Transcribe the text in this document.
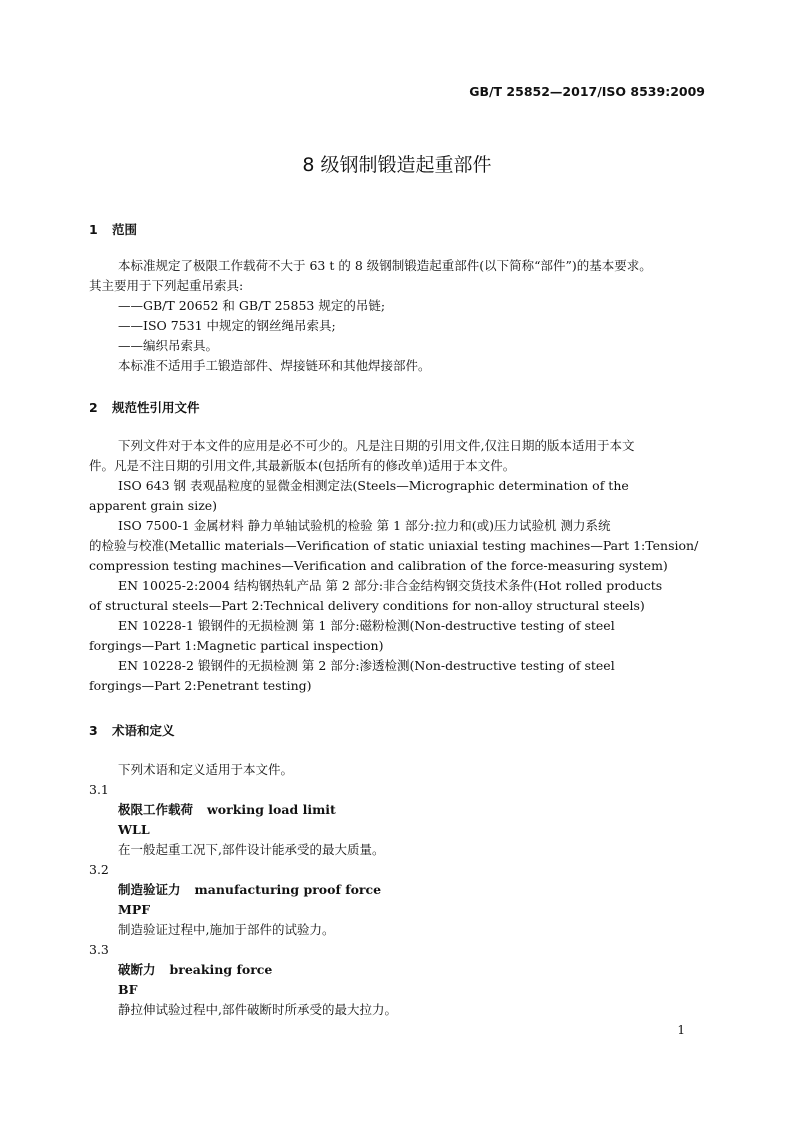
GB/T 25852—2017/ISO 8539:2009
8 级钢制锻造起重部件
1 范围

本标准规定了极限工作载荷不大于 63 t 的 8 级钢制锻造起重部件(以下简称“部件”)的基本要求。

其主要用于下列起重吊索具:

——GB/T 20652 和 GB/T 25853 规定的吊链;

——ISO 7531 中规定的钢丝绳吊索具;

——编织吊索具。

本标准不适用手工锻造部件、焊接链环和其他焊接部件。

2 规范性引用文件

下列文件对于本文件的应用是必不可少的。凡是注日期的引用文件,仅注日期的版本适用于本文

件。凡是不注日期的引用文件,其最新版本(包括所有的修改单)适用于本文件。

ISO 643 钢 表观晶粒度的显微金相测定法(Steels—Micrographic determination of the

apparent grain size)

ISO 7500-1 金属材料 静力单轴试验机的检验 第 1 部分:拉力和(或)压力试验机 测力系统

的检验与校准(Metallic materials—Verification of static uniaxial testing machines—Part 1:Tension/

compression testing machines—Verification and calibration of the force-measuring system)

EN 10025-2:2004 结构钢热轧产品 第 2 部分:非合金结构钢交货技术条件(Hot rolled products

of structural steels—Part 2:Technical delivery conditions for non-alloy structural steels)

EN 10228-1 锻钢件的无损检测 第 1 部分:磁粉检测(Non-destructive testing of steel

forgings—Part 1:Magnetic partical inspection)

EN 10228-2 锻钢件的无损检测 第 2 部分:渗透检测(Non-destructive testing of steel

forgings—Part 2:Penetrant testing)

3 术语和定义

下列术语和定义适用于本文件。

3.1

极限工作载荷 working load limit

WLL

在一般起重工况下,部件设计能承受的最大质量。

3.2

制造验证力 manufacturing proof force

MPF

制造验证过程中,施加于部件的试验力。

3.3

破断力 breaking force

BF

静拉伸试验过程中,部件破断时所承受的最大拉力。

1
